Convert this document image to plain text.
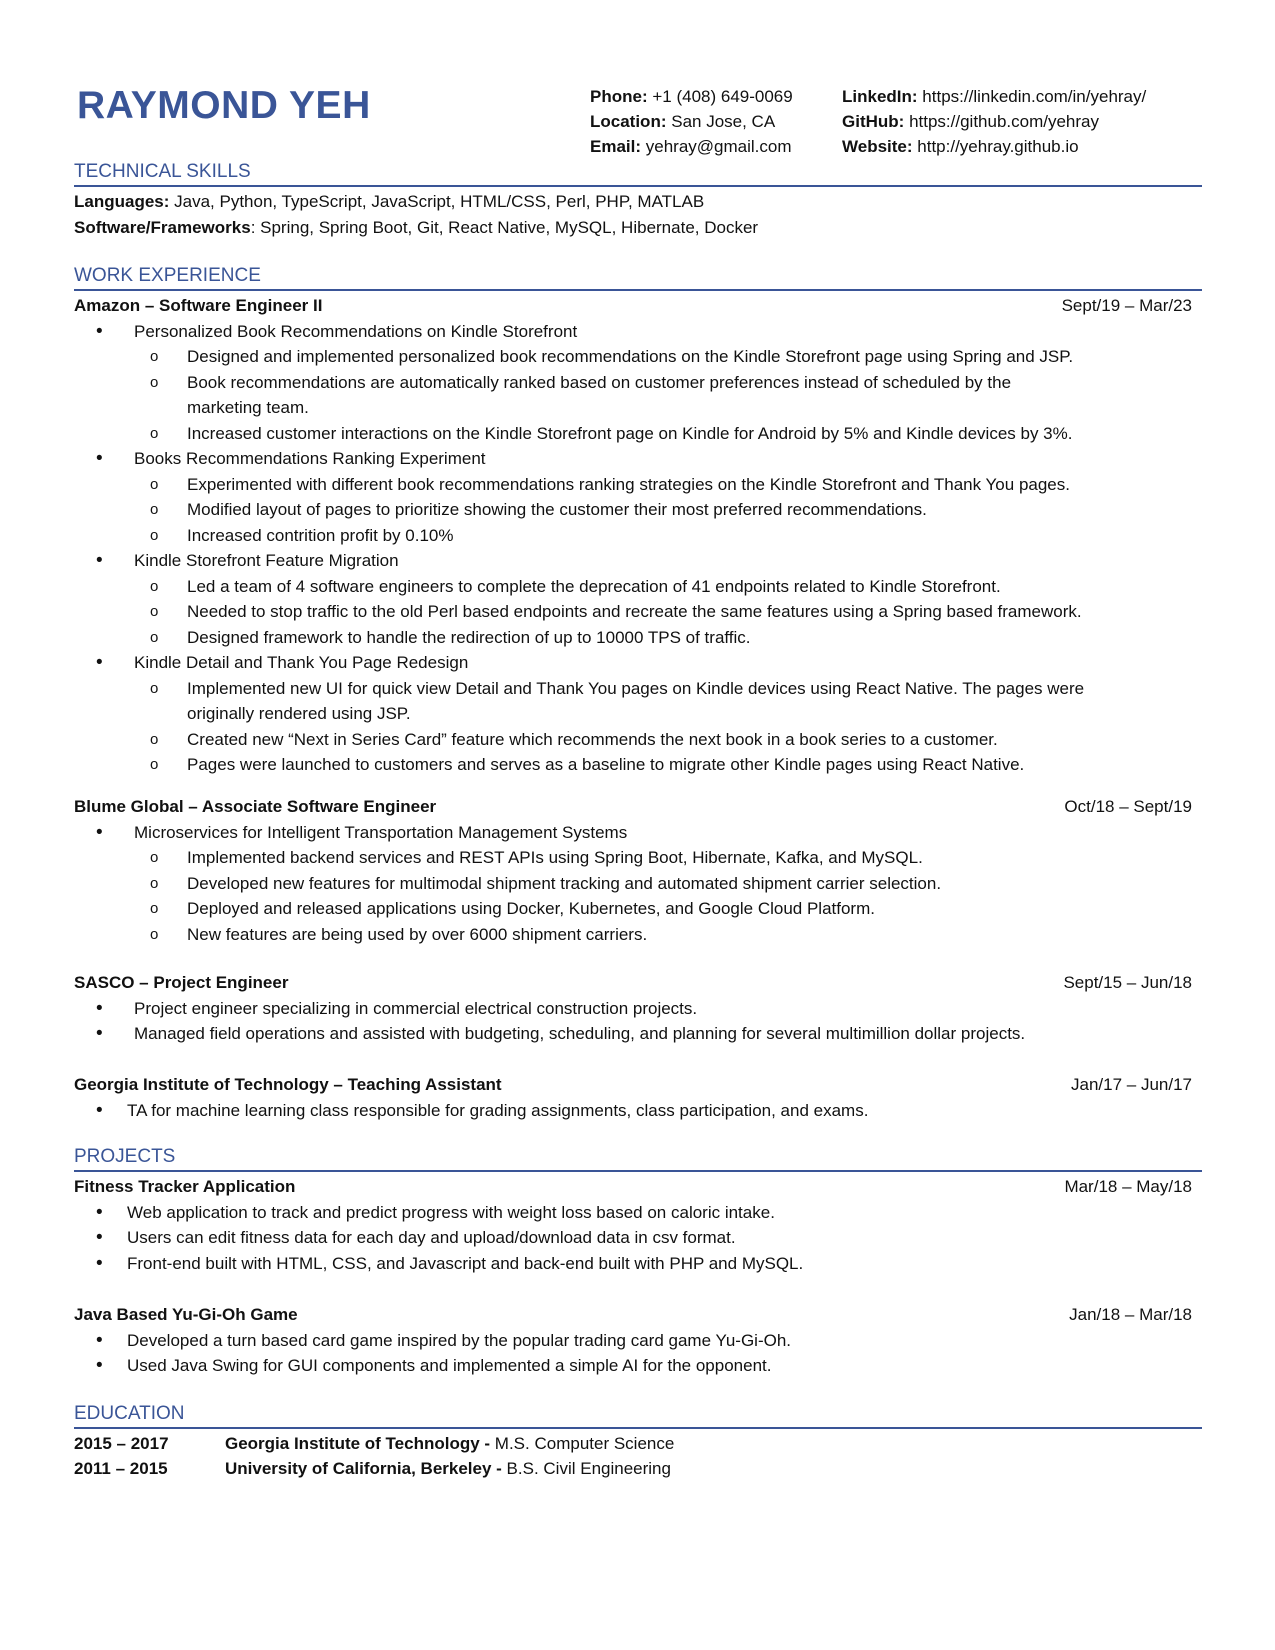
RAYMOND YEH	Phone: +1 (408) 649-0069
Location: San Jose, CA
Email: yehray@gmail.com
LinkedIn: https://linkedin.com/in/yehray/
GitHub: https://github.com/yehray
Website: http://yehray.github.io
TECHNICAL SKILLS
Languages: Java, Python, TypeScript, JavaScript, HTML/CSS, Perl, PHP, MATLAB
Software/Frameworks: Spring, Spring Boot, Git, React Native, MySQL, Hibernate, Docker
WORK EXPERIENCE
Amazon – Software Engineer II	Sept/19 – Mar/23
• Personalized Book Recommendations on Kindle Storefront
o Designed and implemented personalized book recommendations on the Kindle Storefront page using Spring and JSP.
o Book recommendations are automatically ranked based on customer preferences instead of scheduled by the
marketing team.
o Increased customer interactions on the Kindle Storefront page on Kindle for Android by 5% and Kindle devices by 3%.
• Books Recommendations Ranking Experiment
o Experimented with different book recommendations ranking strategies on the Kindle Storefront and Thank You pages.
o Modified layout of pages to prioritize showing the customer their most preferred recommendations.
o Increased contrition profit by 0.10%
• Kindle Storefront Feature Migration
o Led a team of 4 software engineers to complete the deprecation of 41 endpoints related to Kindle Storefront.
o Needed to stop traffic to the old Perl based endpoints and recreate the same features using a Spring based framework.
o Designed framework to handle the redirection of up to 10000 TPS of traffic.
• Kindle Detail and Thank You Page Redesign
o Implemented new UI for quick view Detail and Thank You pages on Kindle devices using React Native. The pages were
originally rendered using JSP.
o Created new “Next in Series Card” feature which recommends the next book in a book series to a customer.
o Pages were launched to customers and serves as a baseline to migrate other Kindle pages using React Native.
Blume Global – Associate Software Engineer	Oct/18 – Sept/19
• Microservices for Intelligent Transportation Management Systems
o Implemented backend services and REST APIs using Spring Boot, Hibernate, Kafka, and MySQL.
o Developed new features for multimodal shipment tracking and automated shipment carrier selection.
o Deployed and released applications using Docker, Kubernetes, and Google Cloud Platform.
o New features are being used by over 6000 shipment carriers.
SASCO – Project Engineer	Sept/15 – Jun/18
• Project engineer specializing in commercial electrical construction projects.
• Managed field operations and assisted with budgeting, scheduling, and planning for several multimillion dollar projects.
Georgia Institute of Technology – Teaching Assistant	Jan/17 – Jun/17
• TA for machine learning class responsible for grading assignments, class participation, and exams.
PROJECTS
Fitness Tracker Application	Mar/18 – May/18
• Web application to track and predict progress with weight loss based on caloric intake.
• Users can edit fitness data for each day and upload/download data in csv format.
• Front-end built with HTML, CSS, and Javascript and back-end built with PHP and MySQL.
Java Based Yu-Gi-Oh Game	Jan/18 – Mar/18
• Developed a turn based card game inspired by the popular trading card game Yu-Gi-Oh.
• Used Java Swing for GUI components and implemented a simple AI for the opponent.
EDUCATION
2015 – 2017	Georgia Institute of Technology - M.S. Computer Science
2011 – 2015	University of California, Berkeley - B.S. Civil Engineering
